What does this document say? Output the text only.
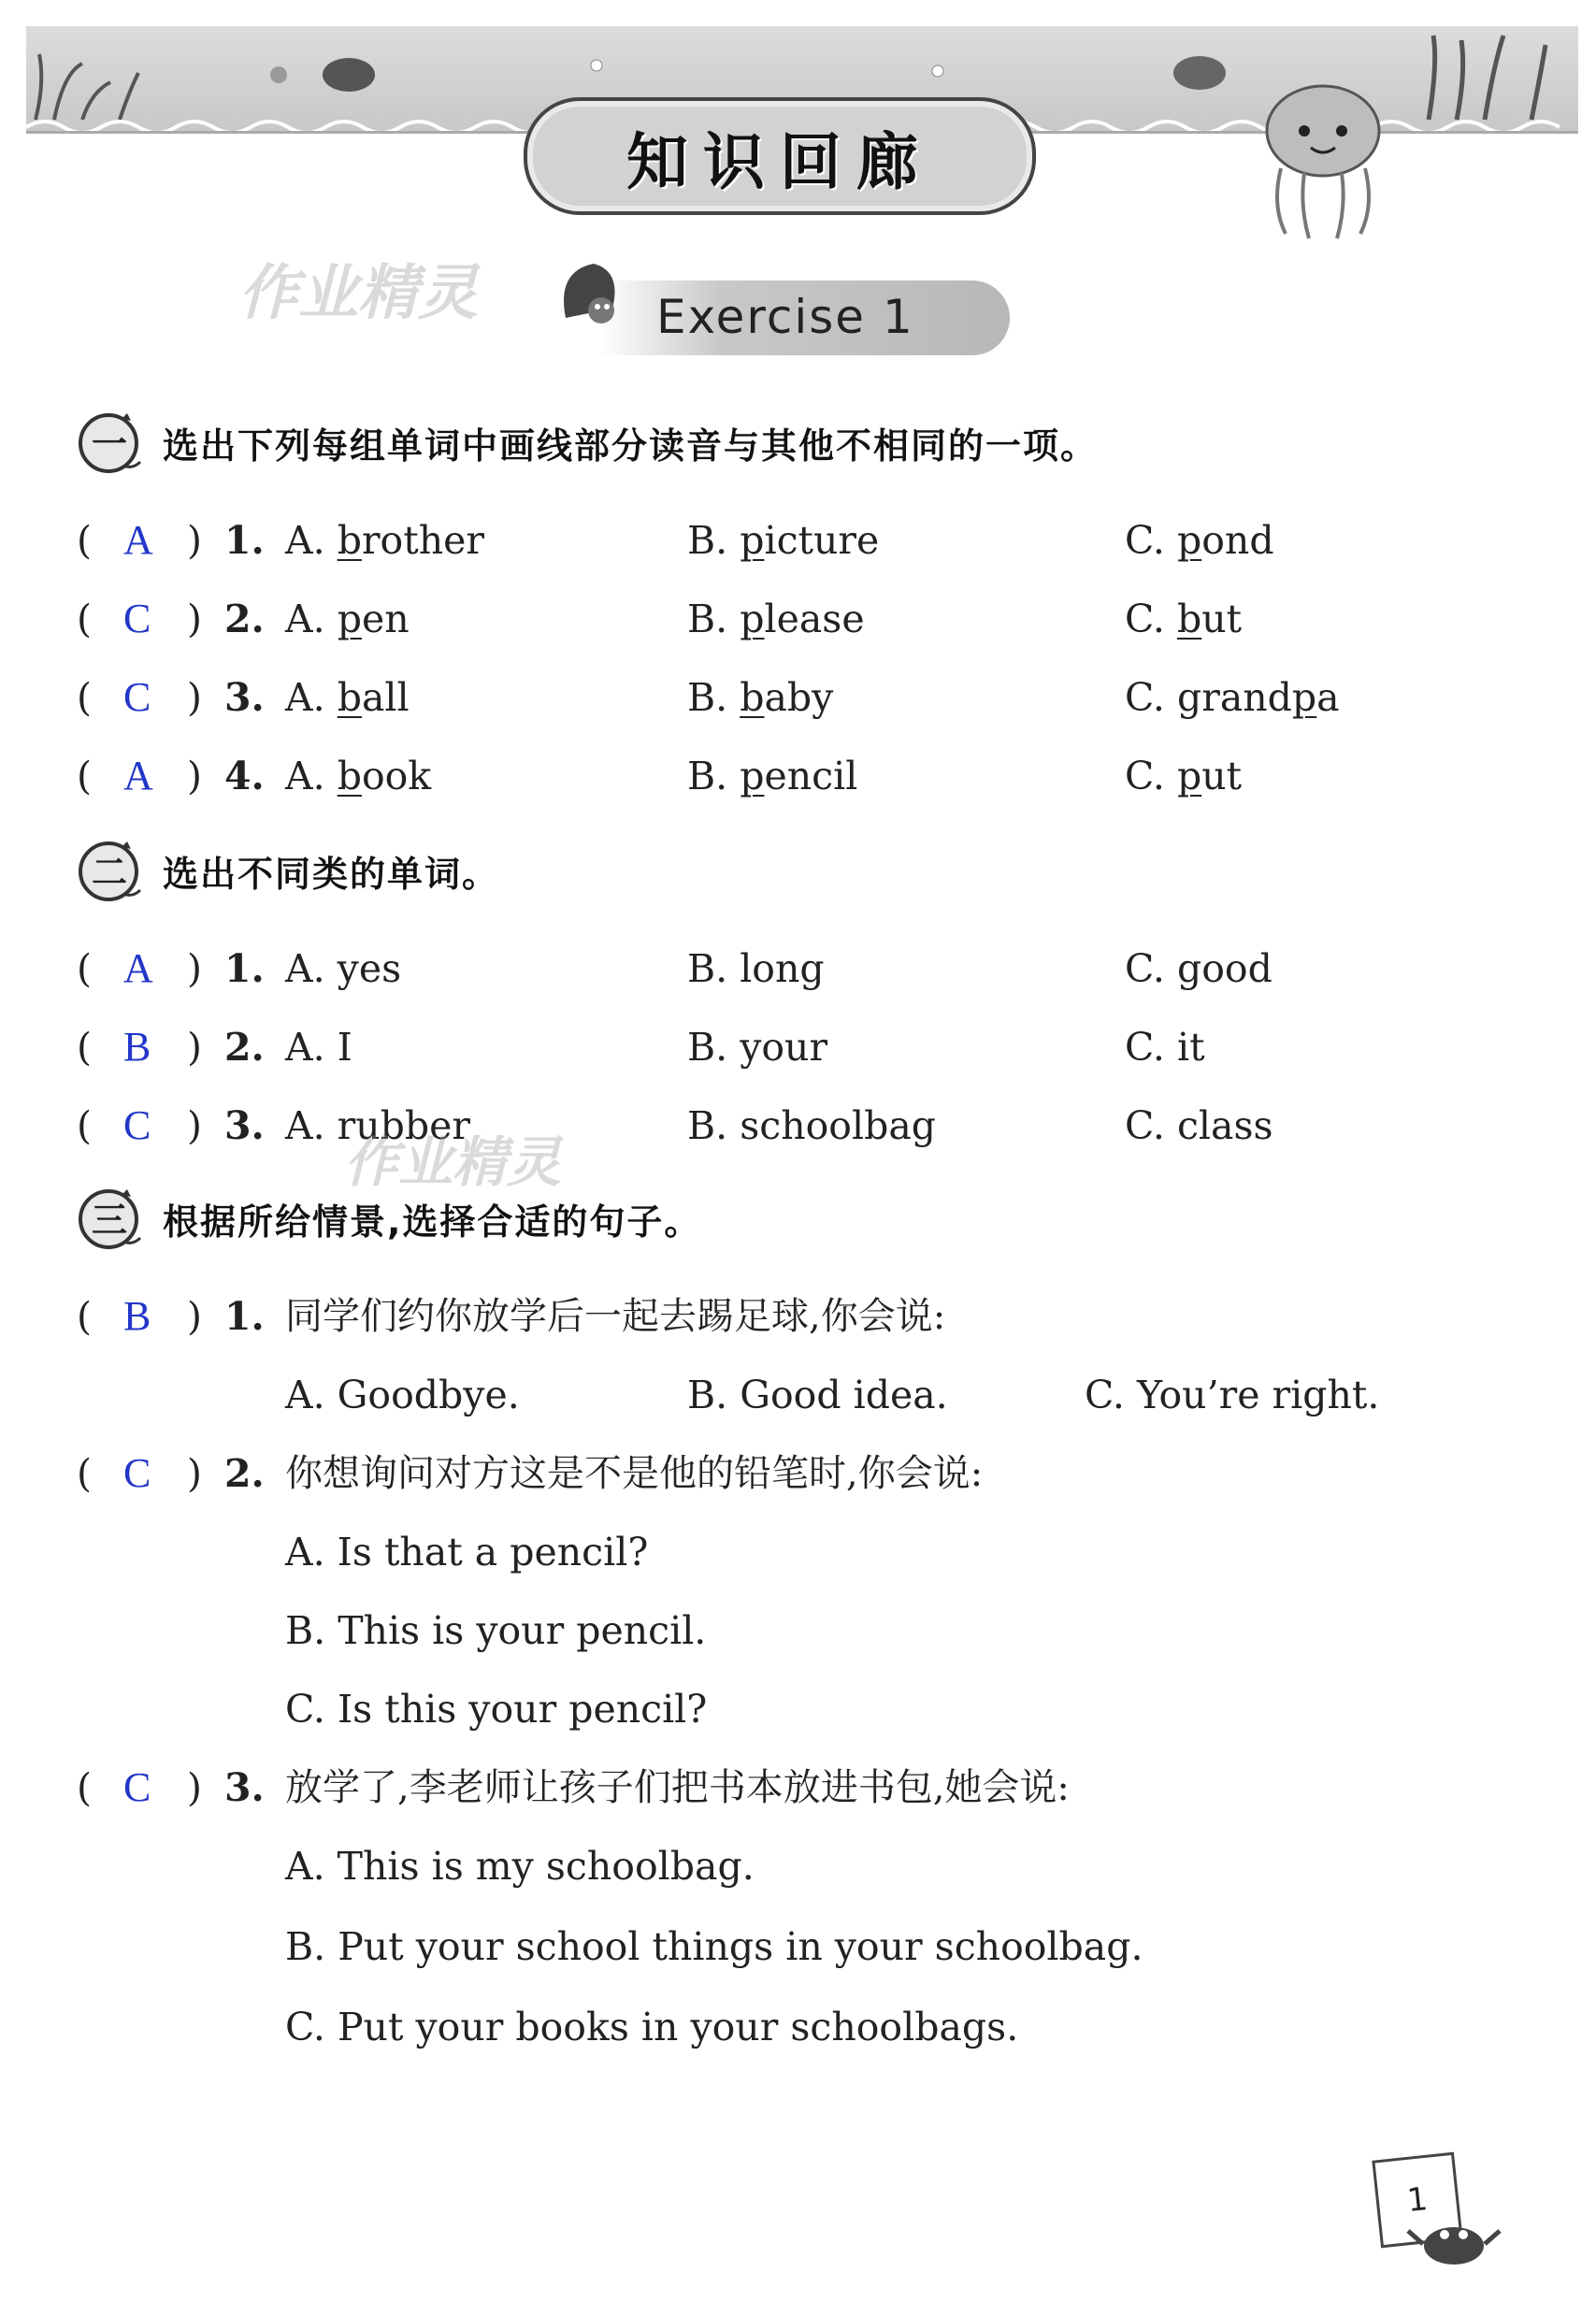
知识回廊
作业精灵	Exercise 1
一 选出下列每组单词中画线部分读音与其他不相同的一项。
( A ) 1. A. brother	B. picture	C. pond
( C ) 2. A. pen	B. please	C. but
( C ) 3. A. ball	B. baby	C. grandpa
( A ) 4. A. book	B. pencil	C. put
二 选出不同类的单词。
( A ) 1. A. yes	B. long	C. good
( B ) 2. A. I	B. your	C. it
( C ) 3. A. rubber	B. schoolbag	C. class
作业精灵
三 根据所给情景,选择合适的句子。
( B ) 1. 同学们约你放学后一起去踢足球,你会说:
A. Goodbye.	B. Good idea.	C. You’re right.
( C ) 2. 你想询问对方这是不是他的铅笔时,你会说:
A. Is that a pencil?
B. This is your pencil.
C. Is this your pencil?
( C ) 3. 放学了,李老师让孩子们把书本放进书包,她会说:
A. This is my schoolbag.
B. Put your school things in your schoolbag.
C. Put your books in your schoolbags.
1
